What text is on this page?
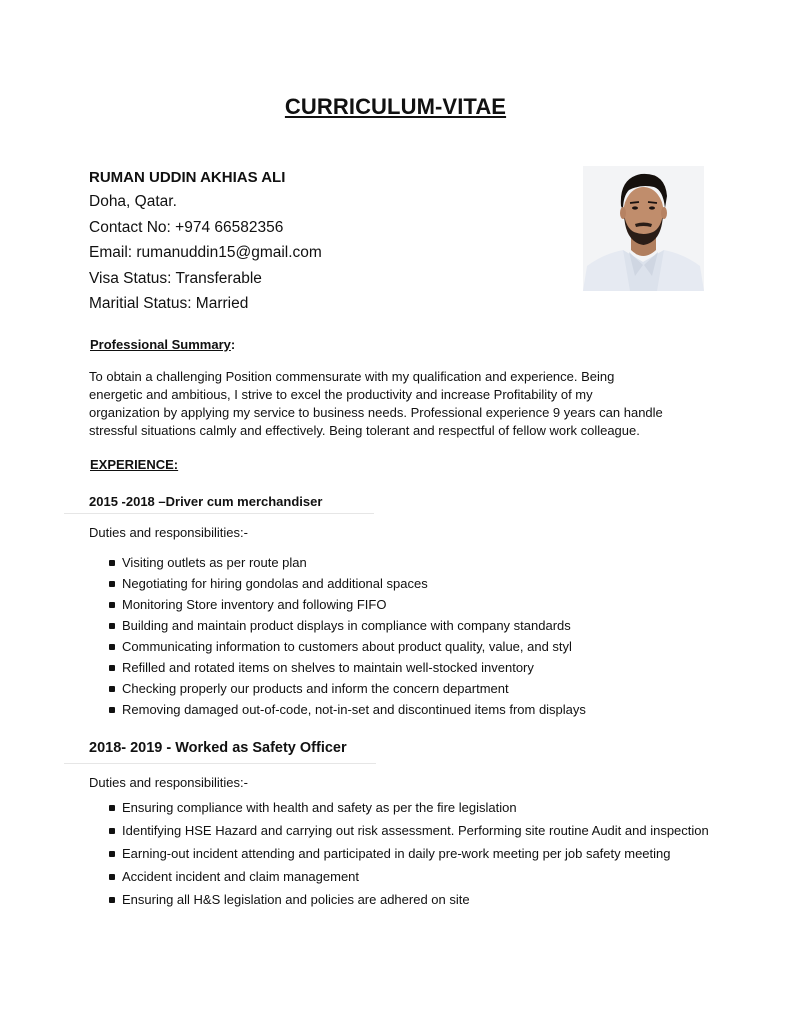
CURRICULUM-VITAE
RUMAN UDDIN AKHIAS ALI
Doha, Qatar.
Contact No: +974 66582356
Email: rumanuddin15@gmail.com
Visa Status: Transferable
Maritial Status: Married
Professional Summary:
To obtain a challenging Position commensurate with my qualification and experience. Being
energetic and ambitious, I strive to excel the productivity and increase Profitability of my
organization by applying my service to business needs. Professional experience 9 years can handle
stressful situations calmly and effectively. Being tolerant and respectful of fellow work colleague.
EXPERIENCE:
2015 -2018 –Driver cum merchandiser
Duties and responsibilities:-
Visiting outlets as per route plan
Negotiating for hiring gondolas and additional spaces
Monitoring Store inventory and following FIFO
Building and maintain product displays in compliance with company standards
Communicating information to customers about product quality, value, and styl
Refilled and rotated items on shelves to maintain well-stocked inventory
Checking properly our products and inform the concern department
Removing damaged out-of-code, not-in-set and discontinued items from displays
2018- 2019 - Worked as Safety Officer
Duties and responsibilities:-
Ensuring compliance with health and safety as per the fire legislation
Identifying HSE Hazard and carrying out risk assessment. Performing site routine Audit and inspection
Earning-out incident attending and participated in daily pre-work meeting per job safety meeting
Accident incident and claim management
Ensuring all H&S legislation and policies are adhered on site
